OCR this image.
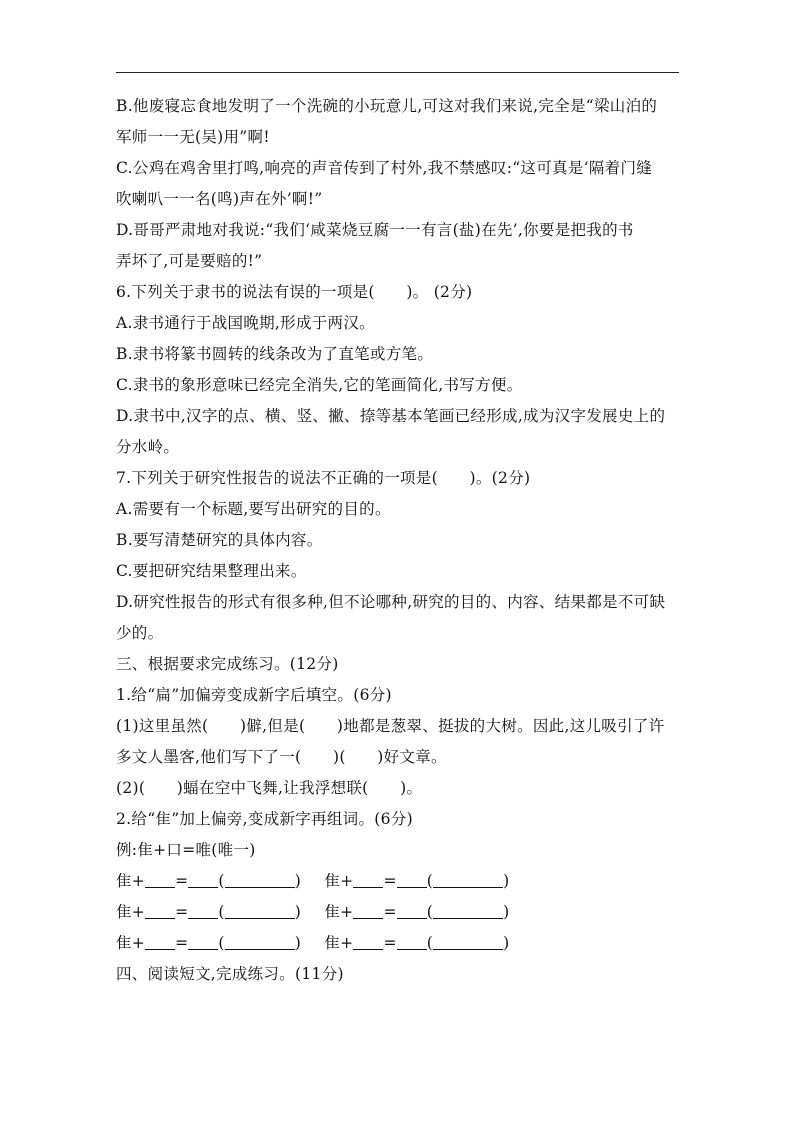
B.他废寝忘食地发明了一个洗碗的小玩意儿,可这对我们来说,完全是“梁山泊的
军师一一无(吴)用”啊!
C.公鸡在鸡舍里打鸣,响亮的声音传到了村外,我不禁感叹:“这可真是‘隔着门缝
吹喇叭一一名(鸣)声在外’啊!”
D.哥哥严肃地对我说:“我们‘咸菜烧豆腐一一有言(盐)在先’,你要是把我的书
弄坏了,可是要赔的!”
6.下列关于隶书的说法有误的一项是(　　)。 (2分)
A.隶书通行于战国晚期,形成于两汉。
B.隶书将篆书圆转的线条改为了直笔或方笔。
C.隶书的象形意味已经完全消失,它的笔画简化,书写方便。
D.隶书中,汉字的点、横、竖、撇、捺等基本笔画已经形成,成为汉字发展史上的
分水岭。
7.下列关于研究性报告的说法不正确的一项是(　　)。(2分)
A.需要有一个标题,要写出研究的目的。
B.要写清楚研究的具体内容。
C.要把研究结果整理出来。
D.研究性报告的形式有很多种,但不论哪种,研究的目的、内容、结果都是不可缺
少的。
三、根据要求完成练习。(12分)
1.给“扁”加偏旁变成新字后填空。(6分)
(1)这里虽然(　　)僻,但是(　　)地都是葱翠、挺拔的大树。因此,这儿吸引了许
多文人墨客,他们写下了一(　　)(　　)好文章。
(2)(　　)蝠在空中飞舞,让我浮想联(　　)。
2.给“隹”加上偏旁,变成新字再组词。(6分)
例:隹+口=唯(唯一)
隹+ = (	) 隹+ = (	)
隹+ = (	) 隹+ = (	)
隹+ = (	) 隹+ = (	)
四、阅读短文,完成练习。(11分)
